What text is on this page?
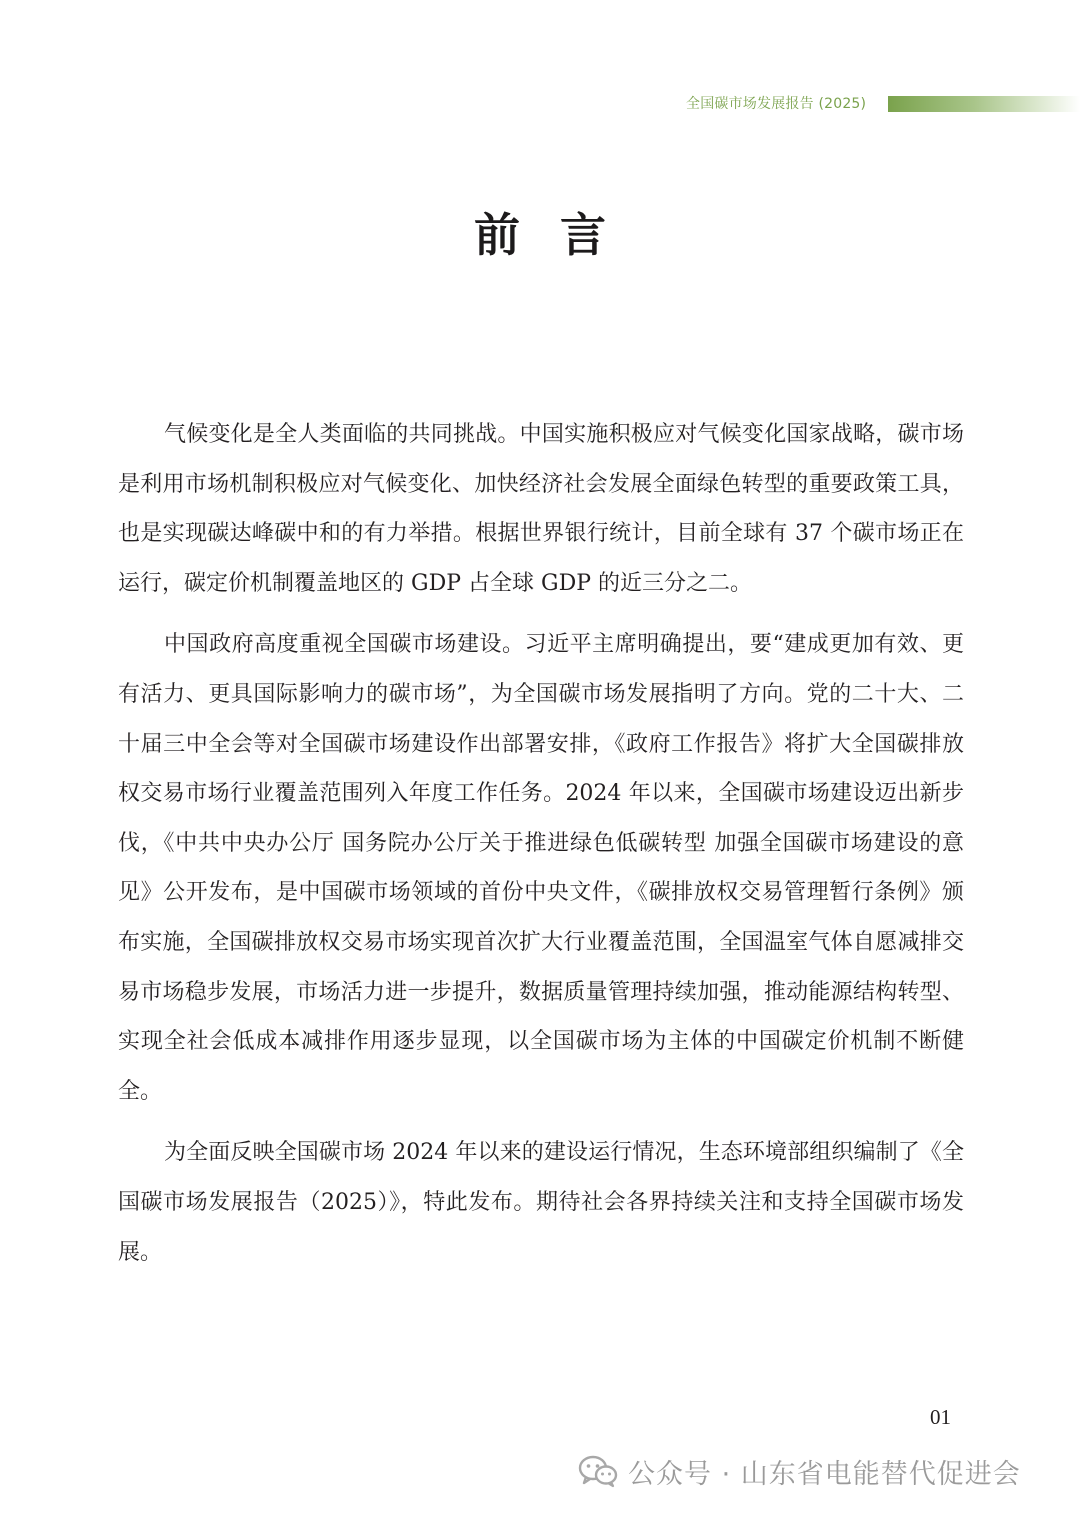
全国碳市场发展报告 (2025)
前言

气候变化是全人类面临的共同挑战。中国实施积极应对气候变化国家战略，碳市场是利用市场机制积极应对气候变化、加快经济社会发展全面绿色转型的重要政策工具，也是实现碳达峰碳中和的有力举措。根据世界银行统计，目前全球有 37 个碳市场正在运行，碳定价机制覆盖地区的 GDP 占全球 GDP 的近三分之二。

中国政府高度重视全国碳市场建设。习近平主席明确提出，要“建成更加有效、更有活力、更具国际影响力的碳市场”，为全国碳市场发展指明了方向。党的二十大、二十届三中全会等对全国碳市场建设作出部署安排，《政府工作报告》将扩大全国碳排放权交易市场行业覆盖范围列入年度工作任务。2024 年以来，全国碳市场建设迈出新步伐，《中共中央办公厅 国务院办公厅关于推进绿色低碳转型 加强全国碳市场建设的意见》公开发布，是中国碳市场领域的首份中央文件，《碳排放权交易管理暂行条例》颁布实施，全国碳排放权交易市场实现首次扩大行业覆盖范围，全国温室气体自愿减排交易市场稳步发展，市场活力进一步提升，数据质量管理持续加强，推动能源结构转型、实现全社会低成本减排作用逐步显现，以全国碳市场为主体的中国碳定价机制不断健全。

为全面反映全国碳市场 2024 年以来的建设运行情况，生态环境部组织编制了《全国碳市场发展报告（2025）》，特此发布。期待社会各界持续关注和支持全国碳市场发展。

01
公众号 · 山东省电能替代促进会
